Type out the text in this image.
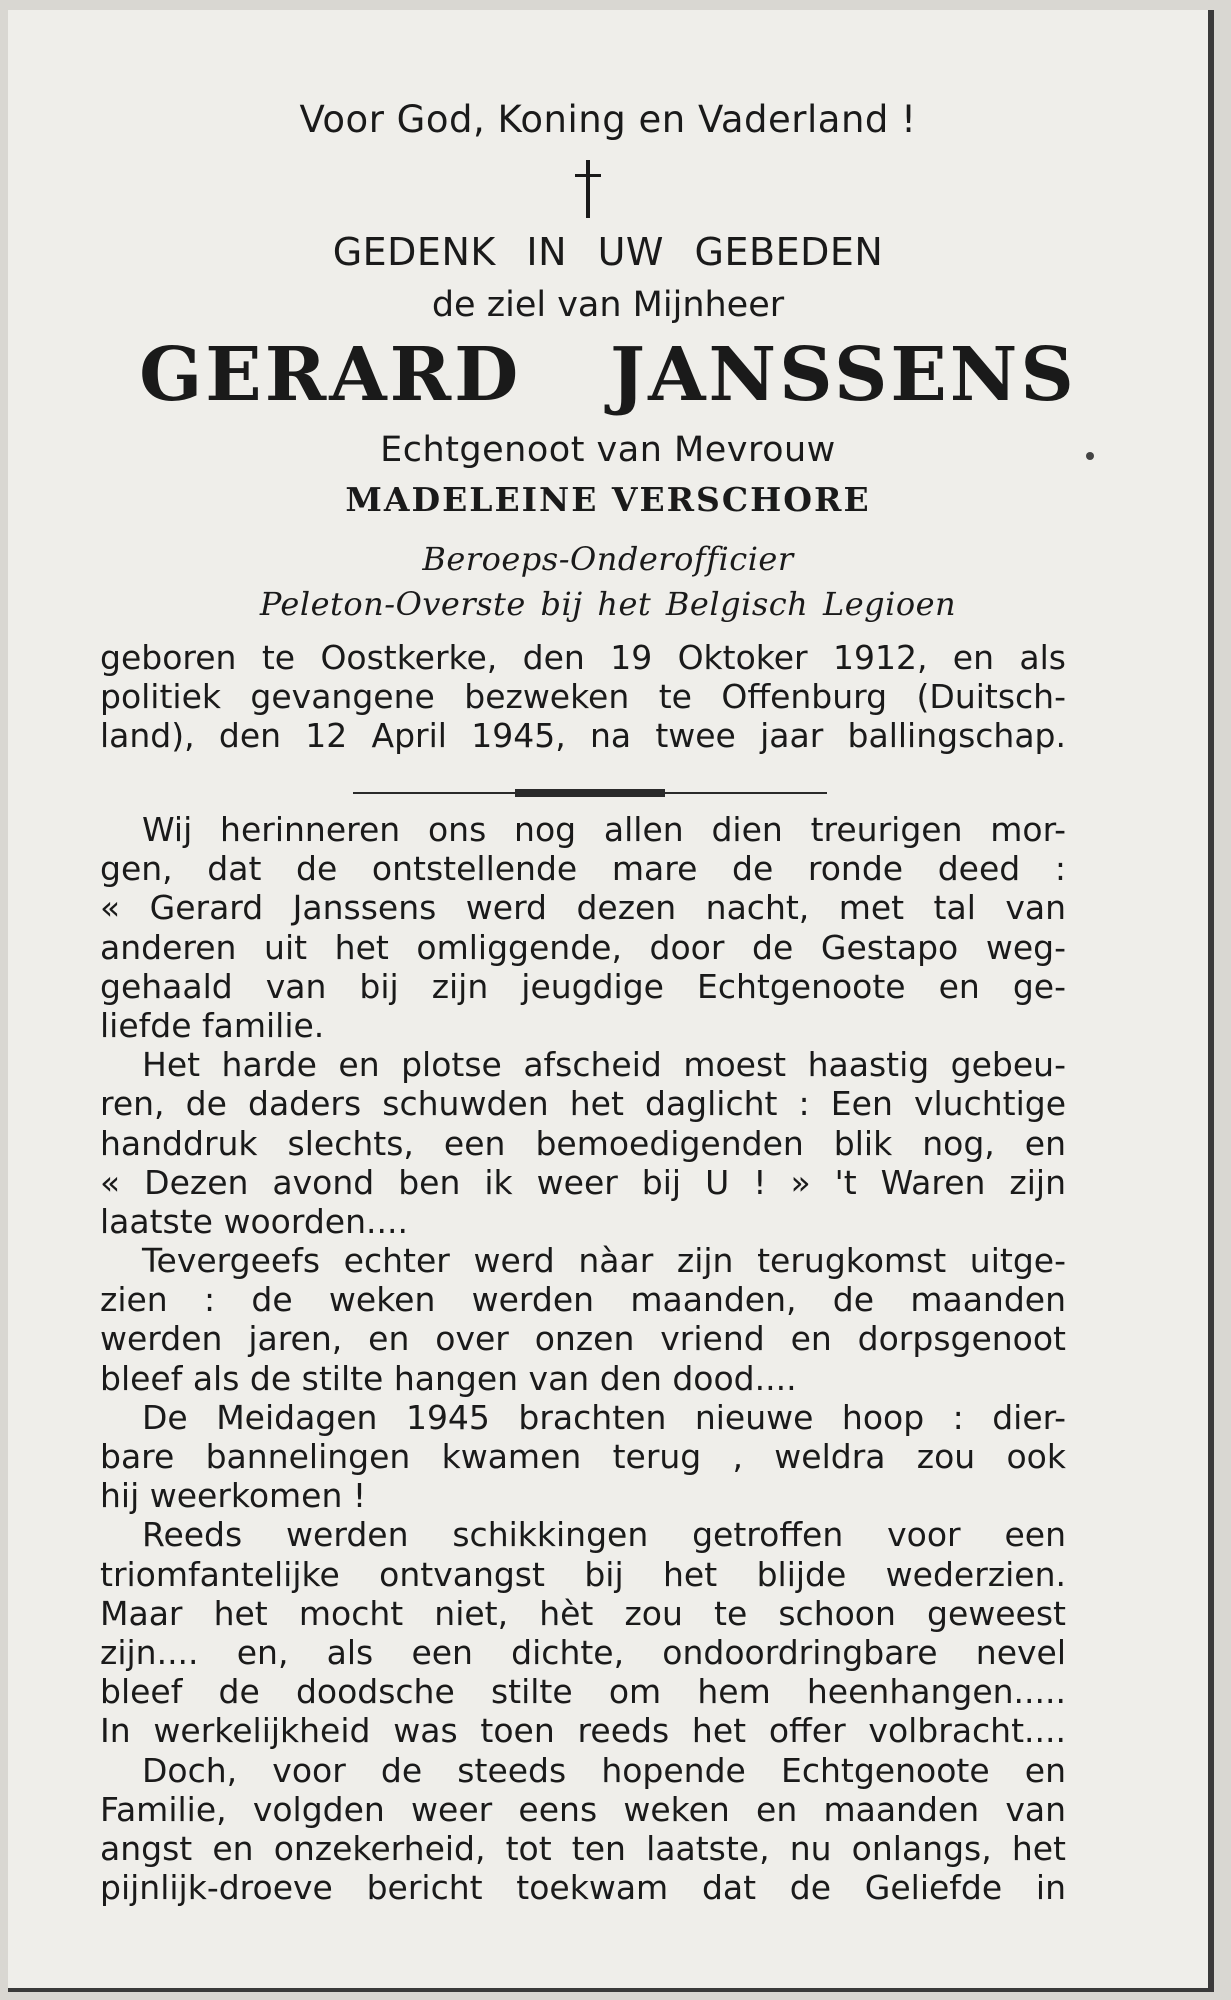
Voor God, Koning en Vaderland !
GEDENK IN UW GEBEDEN
de ziel van Mijnheer
GERARD JANSSENS
Echtgenoot van Mevrouw
MADELEINE VERSCHORE
Beroeps-Onderofficier
Peleton-Overste bij het Belgisch Legioen
geboren te Oostkerke, den 19 Oktoker 1912, en als
politiek gevangene bezweken te Offenburg (Duitsch-
land), den 12 April 1945, na twee jaar ballingschap.
Wij herinneren ons nog allen dien treurigen mor-
gen, dat de ontstellende mare de ronde deed :
« Gerard Janssens werd dezen nacht, met tal van
anderen uit het omliggende, door de Gestapo weg-
gehaald van bij zijn jeugdige Echtgenoote en ge-
liefde familie.
Het harde en plotse afscheid moest haastig gebeu-
ren, de daders schuwden het daglicht : Een vluchtige
handdruk slechts, een bemoedigenden blik nog, en
« Dezen avond ben ik weer bij U ! » 't Waren zijn
laatste woorden....
Tevergeefs echter werd nàar zijn terugkomst uitge-
zien : de weken werden maanden, de maanden
werden jaren, en over onzen vriend en dorpsgenoot
bleef als de stilte hangen van den dood....
De Meidagen 1945 brachten nieuwe hoop : dier-
bare bannelingen kwamen terug , weldra zou ook
hij weerkomen !
Reeds werden schikkingen getroffen voor een
triomfantelijke ontvangst bij het blijde wederzien.
Maar het mocht niet, hèt zou te schoon geweest
zijn.... en, als een dichte, ondoordringbare nevel
bleef de doodsche stilte om hem heenhangen.....
In werkelijkheid was toen reeds het offer volbracht....
Doch, voor de steeds hopende Echtgenoote en
Familie, volgden weer eens weken en maanden van
angst en onzekerheid, tot ten laatste, nu onlangs, het
pijnlijk-droeve bericht toekwam dat de Geliefde in
